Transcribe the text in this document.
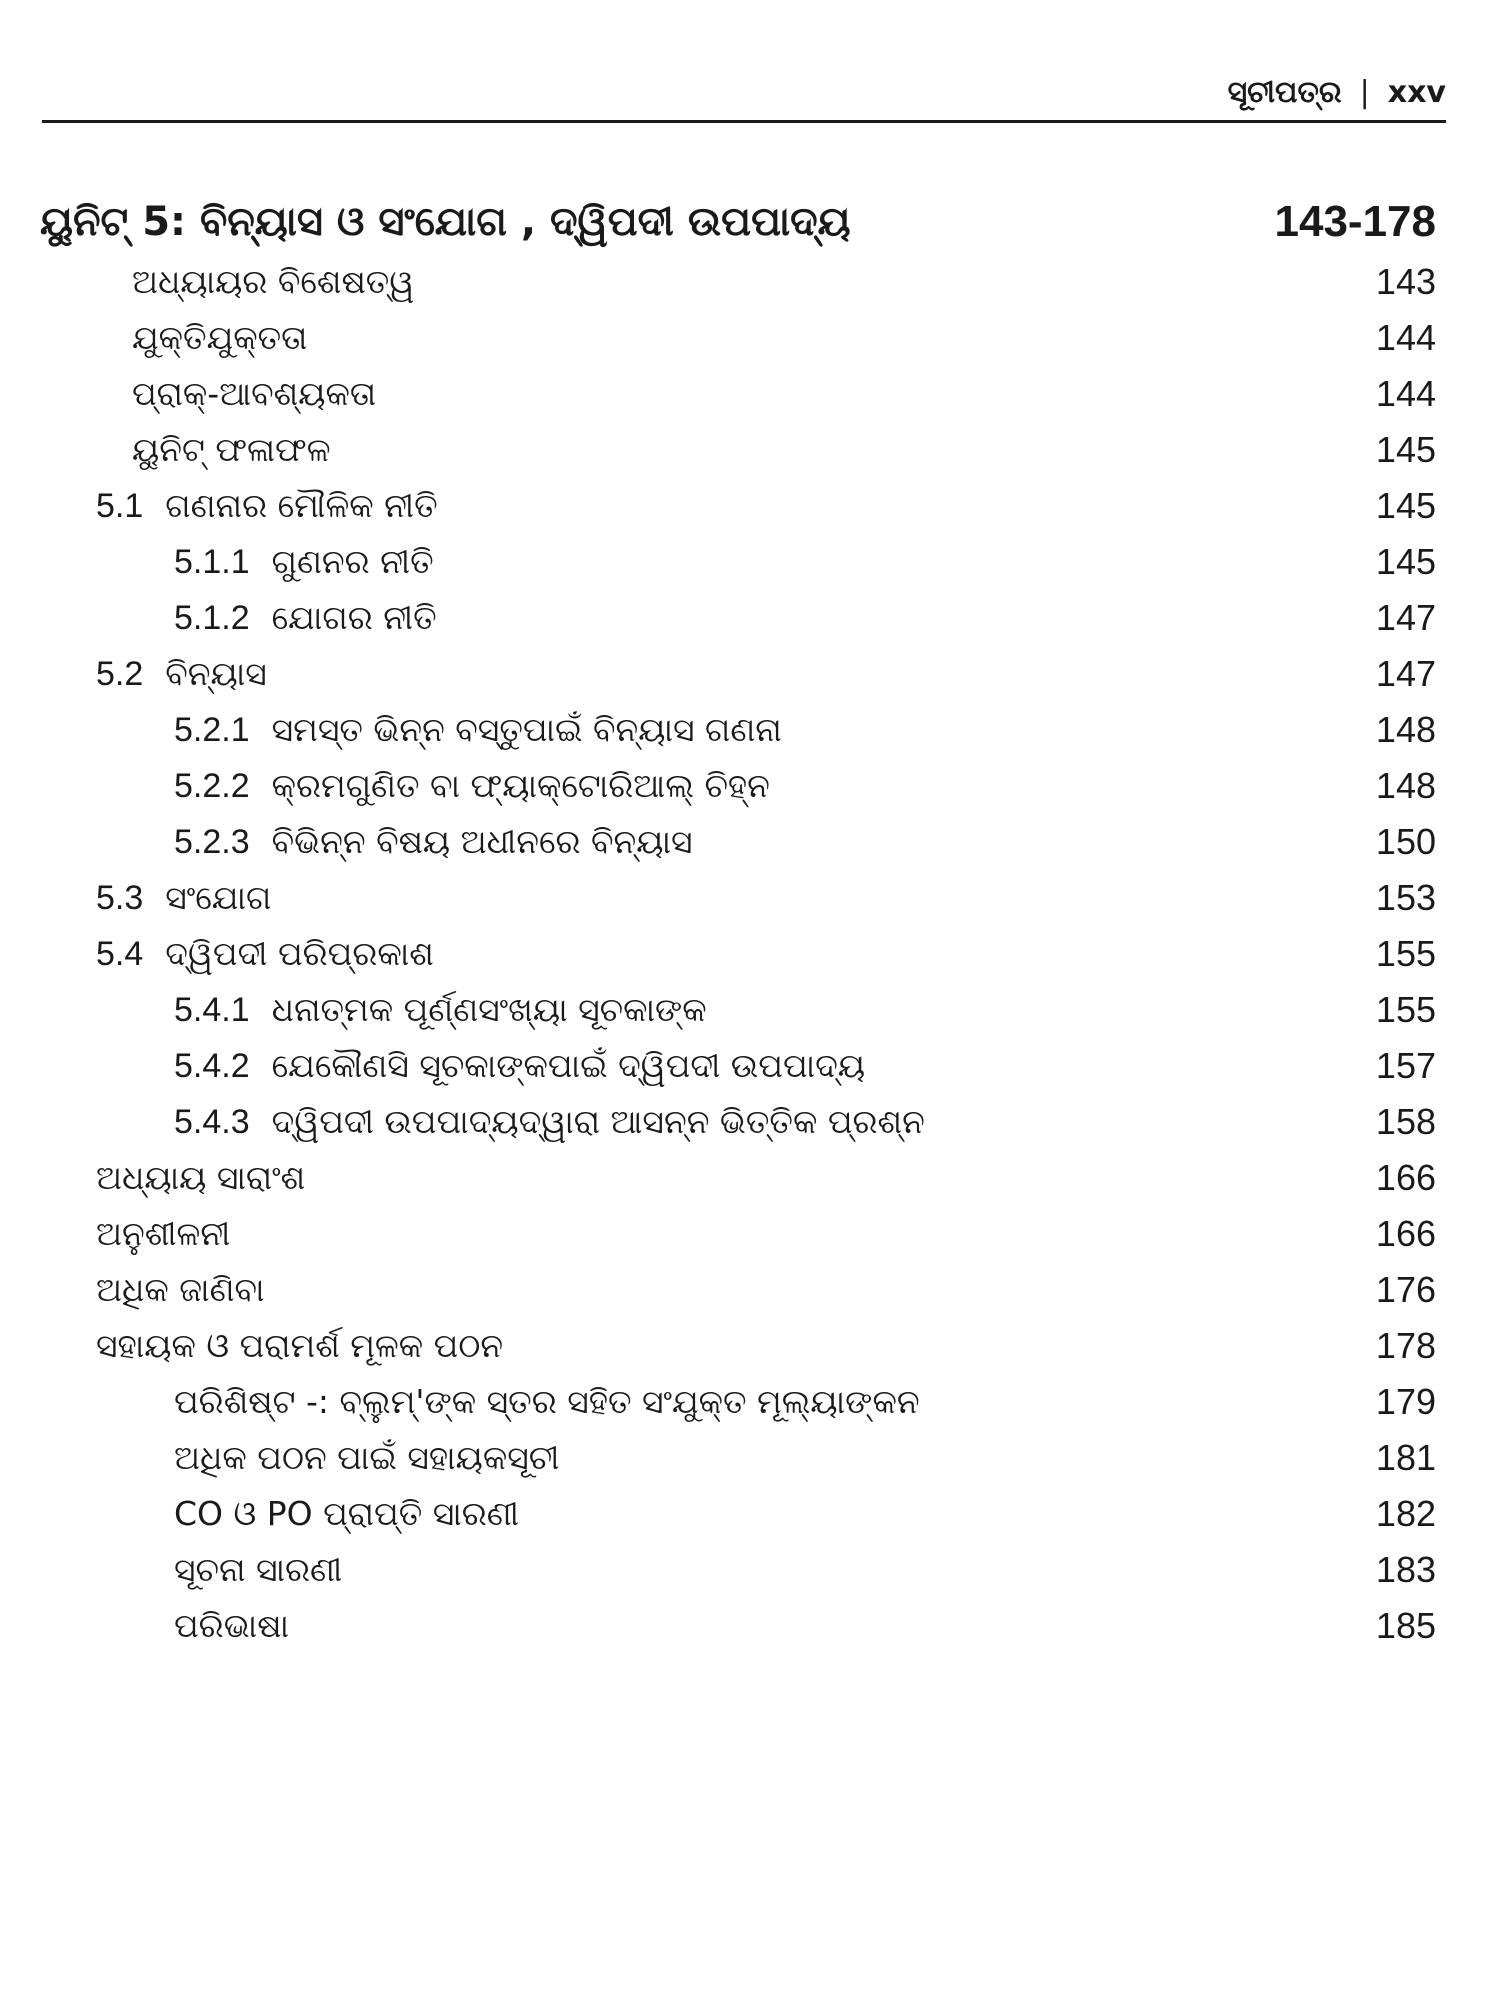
ସୂଚୀପତ୍ର | xxv
ୟୁନିଟ୍ 5: ବିନ୍ୟାସ ଓ ସଂଯୋଗ , ଦ୍ୱିପଦୀ ଉପପାଦ୍ୟ	143-178
ଅଧ୍ୟାୟର ବିଶେଷତ୍ୱ	143
ଯୁକ୍ତିଯୁକ୍ତତା	144
ପ୍ରାକ୍-ଆବଶ୍ୟକତା	144
ୟୁନିଟ୍ ଫଳାଫଳ	145
5.1 ଗଣନାର ମୌଳିକ ନୀତି	145
5.1.1 ଗୁଣନର ନୀତି	145
5.1.2 ଯୋଗର ନୀତି	147
5.2 ବିନ୍ୟାସ	147
5.2.1 ସମସ୍ତ ଭିନ୍ନ ବସ୍ତୁପାଇଁ ବିନ୍ୟାସ ଗଣନା	148
5.2.2 କ୍ରମଗୁଣିତ ବା ଫ୍ୟାକ୍ଟୋରିଆଲ୍ ଚିହ୍ନ	148
5.2.3 ବିଭିନ୍ନ ବିଷୟ ଅଧୀନରେ ବିନ୍ୟାସ	150
5.3 ସଂଯୋଗ	153
5.4 ଦ୍ୱିପଦୀ ପରିପ୍ରକାଶ	155
5.4.1 ଧନାତ୍ମକ ପୂର୍ଣ୍ଣସଂଖ୍ୟା ସୂଚକାଙ୍କ	155
5.4.2 ଯେକୌଣସି ସୂଚକାଙ୍କପାଇଁ ଦ୍ୱିପଦୀ ଉପପାଦ୍ୟ	157
5.4.3 ଦ୍ୱିପଦୀ ଉପପାଦ୍ୟଦ୍ୱାରା ଆସନ୍ନ ଭିତ୍ତିକ ପ୍ରଶ୍ନ	158
ଅଧ୍ୟାୟ ସାରାଂଶ	166
ଅନୁଶୀଳନୀ	166
ଅଧିକ ଜାଣିବା	176
ସହାୟକ ଓ ପରାମର୍ଶ ମୂଳକ ପଠନ	178
ପରିଶିଷ୍ଟ -: ବ୍ଲୁମ୍'ଙ୍କ ସ୍ତର ସହିତ ସଂଯୁକ୍ତ ମୂଲ୍ୟାଙ୍କନ	179
ଅଧିକ ପଠନ ପାଇଁ ସହାୟକସୂଚୀ	181
CO ଓ PO ପ୍ରାପ୍ତି ସାରଣୀ	182
ସୂଚନା ସାରଣୀ	183
ପରିଭାଷା	185
